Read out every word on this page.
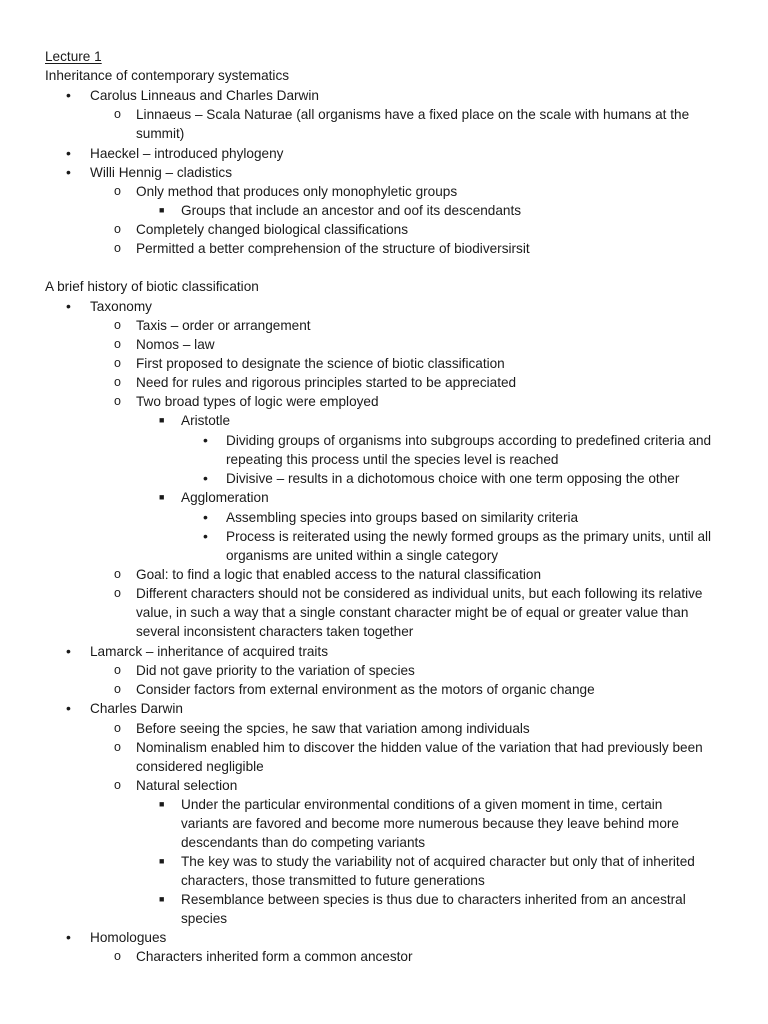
Lecture 1
Inheritance of contemporary systematics
• Carolus Linneaus and Charles Darwin
o Linnaeus – Scala Naturae (all organisms have a fixed place on the scale with humans at the
summit)
• Haeckel – introduced phylogeny
• Willi Hennig – cladistics
o Only method that produces only monophyletic groups
■ Groups that include an ancestor and oof its descendants
o Completely changed biological classifications
o Permitted a better comprehension of the structure of biodiversirsit
A brief history of biotic classification
• Taxonomy
o Taxis – order or arrangement
o Nomos – law
o First proposed to designate the science of biotic classification
o Need for rules and rigorous principles started to be appreciated
o Two broad types of logic were employed
■ Aristotle
• Dividing groups of organisms into subgroups according to predefined criteria and
repeating this process until the species level is reached
• Divisive – results in a dichotomous choice with one term opposing the other
■ Agglomeration
• Assembling species into groups based on similarity criteria
• Process is reiterated using the newly formed groups as the primary units, until all
organisms are united within a single category
o Goal: to find a logic that enabled access to the natural classification
o Different characters should not be considered as individual units, but each following its relative
value, in such a way that a single constant character might be of equal or greater value than
several inconsistent characters taken together
• Lamarck – inheritance of acquired traits
o Did not gave priority to the variation of species
o Consider factors from external environment as the motors of organic change
• Charles Darwin
o Before seeing the spcies, he saw that variation among individuals
o Nominalism enabled him to discover the hidden value of the variation that had previously been
considered negligible
o Natural selection
■ Under the particular environmental conditions of a given moment in time, certain
variants are favored and become more numerous because they leave behind more
descendants than do competing variants
■ The key was to study the variability not of acquired character but only that of inherited
characters, those transmitted to future generations
■ Resemblance between species is thus due to characters inherited from an ancestral
species
• Homologues
o Characters inherited form a common ancestor
